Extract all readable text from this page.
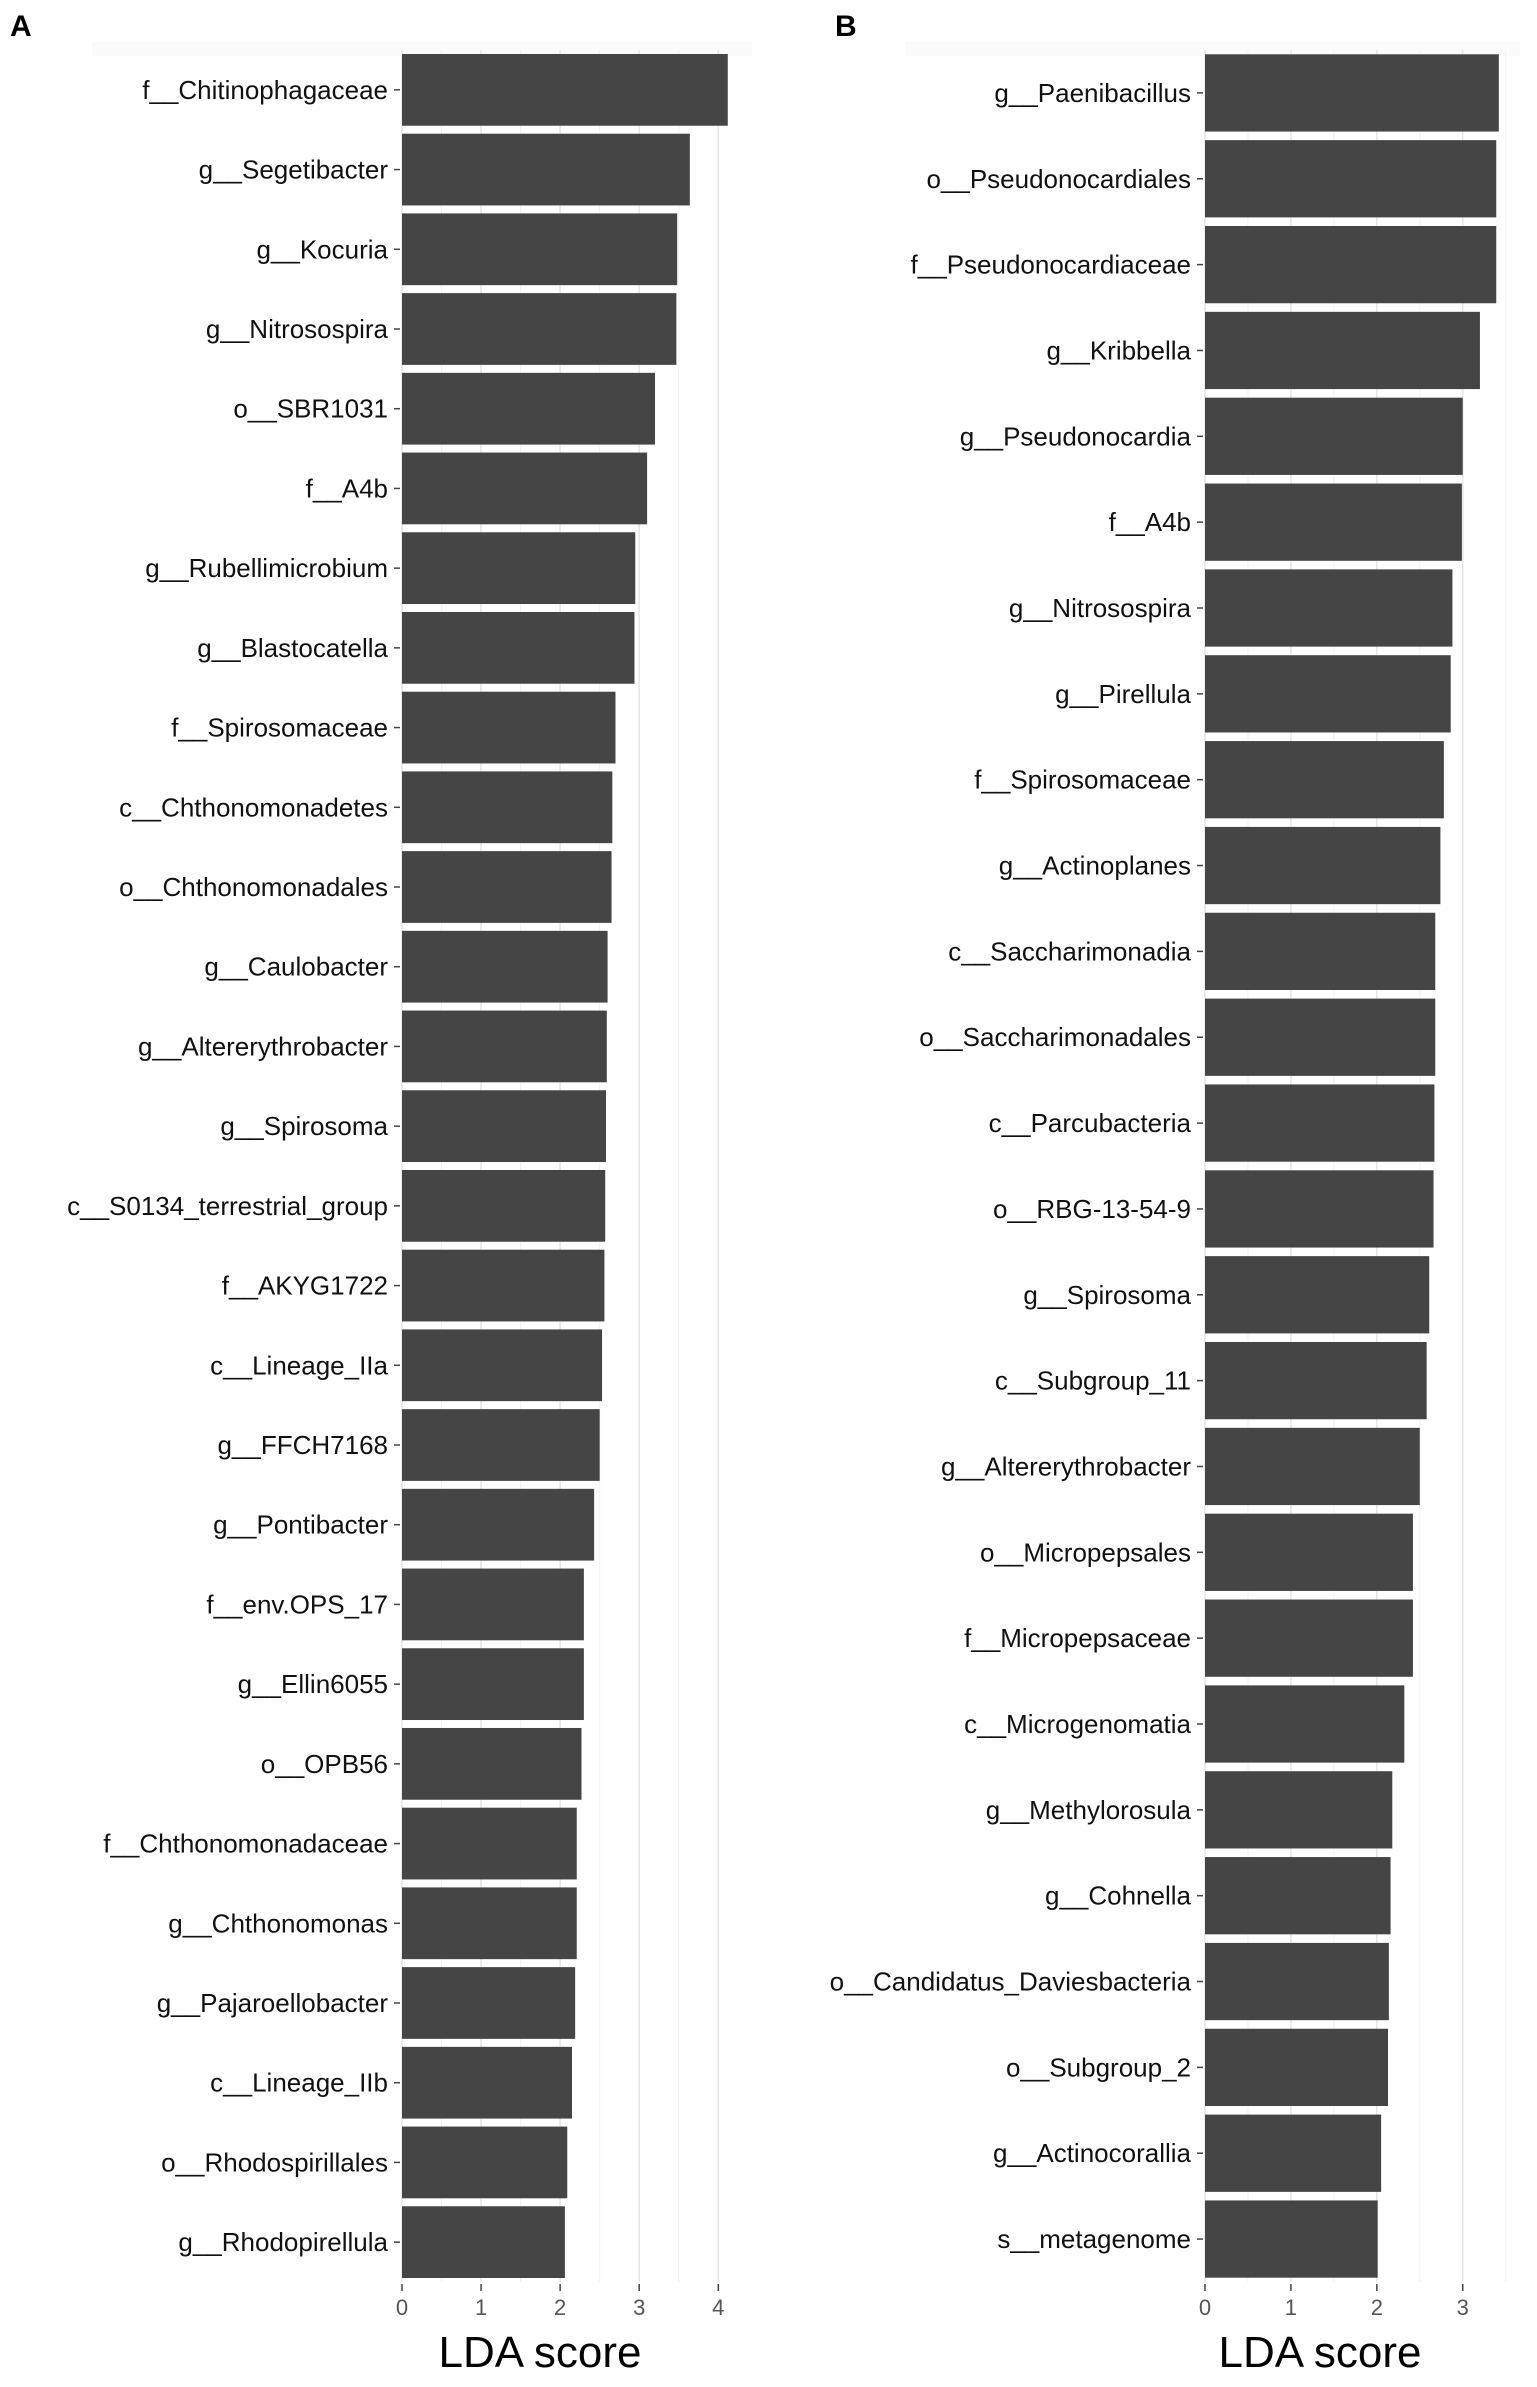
f__Chitinophagaceae
g__Segetibacter
g__Kocuria
g__Nitrosospira
o__SBR1031
f__A4b
g__Rubellimicrobium
g__Blastocatella
f__Spirosomaceae
c__Chthonomonadetes
o__Chthonomonadales
g__Caulobacter
g__Altererythrobacter
g__Spirosoma
c__S0134_terrestrial_group
f__AKYG1722
c__Lineage_IIa
g__FFCH7168
g__Pontibacter
f__env.OPS_17
g__Ellin6055
o__OPB56
f__Chthonomonadaceae
g__Chthonomonas
g__Pajaroellobacter
c__Lineage_IIb
o__Rhodospirillales
g__Rhodopirellula
0	1	2	3	4
LDA score
A
g__Paenibacillus
o__Pseudonocardiales
f__Pseudonocardiaceae
g__Kribbella
g__Pseudonocardia
f__A4b
g__Nitrosospira
g__Pirellula
f__Spirosomaceae
g__Actinoplanes
c__Saccharimonadia
o__Saccharimonadales
c__Parcubacteria
o__RBG-13-54-9
g__Spirosoma
c__Subgroup_11
g__Altererythrobacter
o__Micropepsales
f__Micropepsaceae
c__Microgenomatia
g__Methylorosula
g__Cohnella
o__Candidatus_Daviesbacteria
o__Subgroup_2
g__Actinocorallia
s__metagenome
0	1	2	3
LDA score
B
